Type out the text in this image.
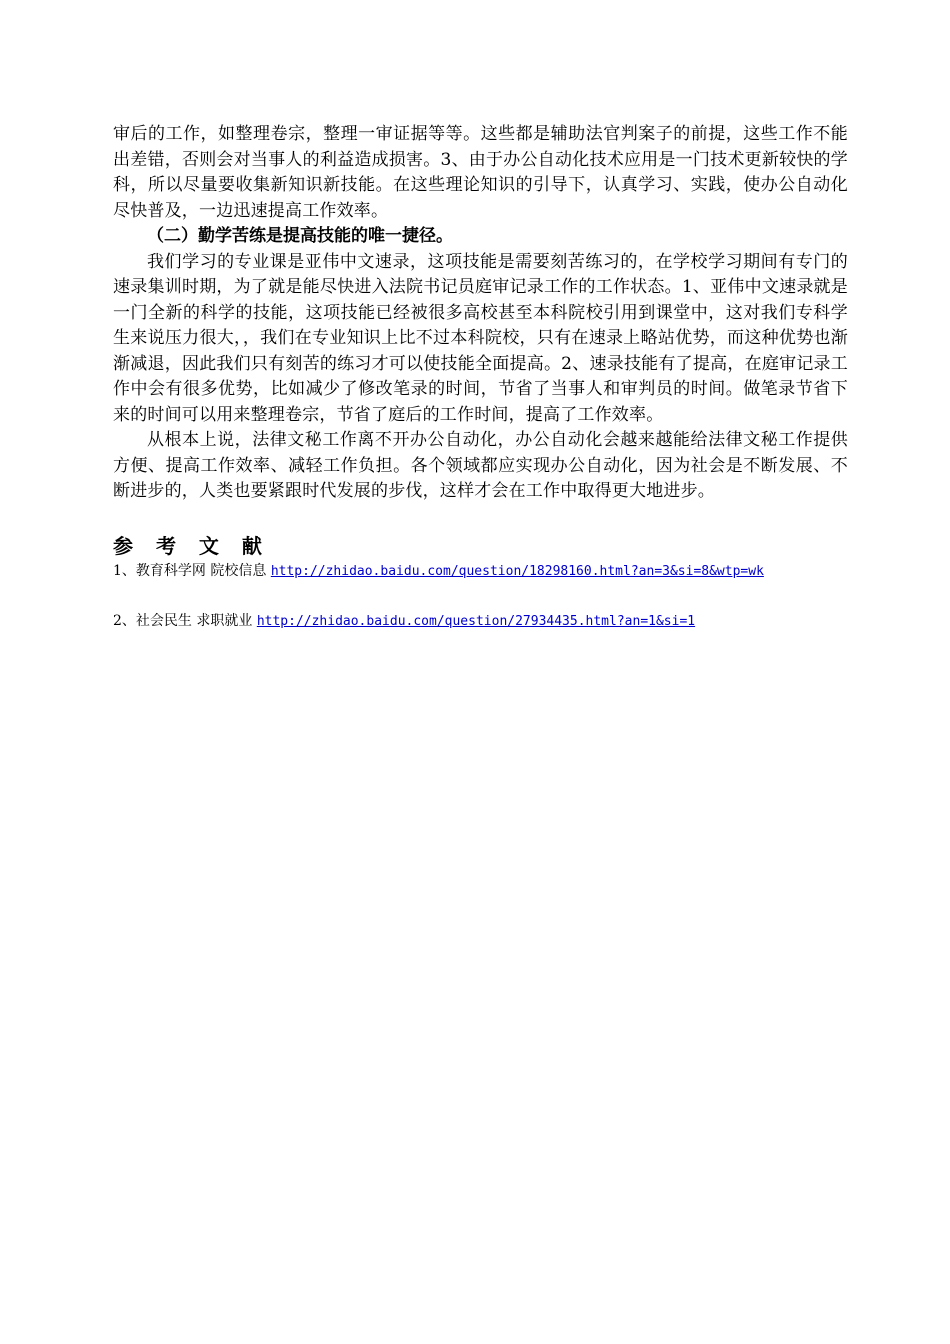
审后的工作，如整理卷宗，整理一审证据等等。这些都是辅助法官判案子的前提，这些工作不能出差错，否则会对当事人的利益造成损害。3、由于办公自动化技术应用是一门技术更新较快的学科，所以尽量要收集新知识新技能。在这些理论知识的引导下，认真学习、实践，使办公自动化尽快普及，一边迅速提高工作效率。

（二）勤学苦练是提高技能的唯一捷径。

我们学习的专业课是亚伟中文速录，这项技能是需要刻苦练习的，在学校学习期间有专门的速录集训时期，为了就是能尽快进入法院书记员庭审记录工作的工作状态。1、亚伟中文速录就是一门全新的科学的技能，这项技能已经被很多高校甚至本科院校引用到课堂中，这对我们专科学生来说压力很大，，我们在专业知识上比不过本科院校，只有在速录上略站优势，而这种优势也渐渐减退，因此我们只有刻苦的练习才可以使技能全面提高。2、速录技能有了提高，在庭审记录工作中会有很多优势，比如减少了修改笔录的时间，节省了当事人和审判员的时间。做笔录节省下来的时间可以用来整理卷宗，节省了庭后的工作时间，提高了工作效率。

从根本上说，法律文秘工作离不开办公自动化，办公自动化会越来越能给法律文秘工作提供方便、提高工作效率、减轻工作负担。各个领域都应实现办公自动化，因为社会是不断发展、不断进步的，人类也要紧跟时代发展的步伐，这样才会在工作中取得更大地进步。

参 考 文 献

1、教育科学网 院校信息 http://zhidao.baidu.com/question/18298160.html?an=3&si=8&wtp=wk

2、社会民生 求职就业 http://zhidao.baidu.com/question/27934435.html?an=1&si=1
